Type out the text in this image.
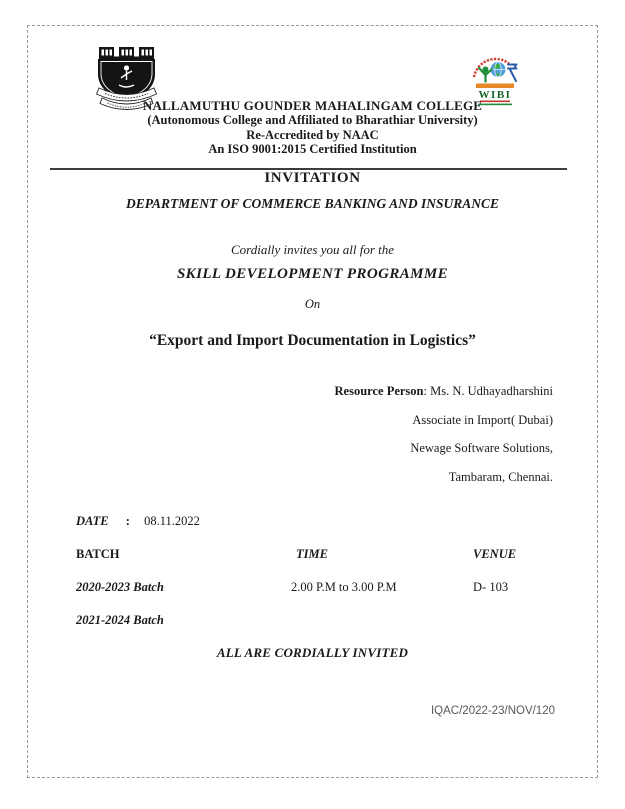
WIBI
NALLAMUTHU GOUNDER MAHALINGAM COLLEGE
(Autonomous College and Affiliated to Bharathiar University)
Re-Accredited by NAAC
An ISO 9001:2015 Certified Institution
INVITATION
DEPARTMENT OF COMMERCE BANKING AND INSURANCE
Cordially invites you all for the
SKILL DEVELOPMENT PROGRAMME
On
“Export and Import Documentation in Logistics”
Resource Person: Ms. N. Udhayadharshini
Associate in Import( Dubai)
Newage Software Solutions,
Tambaram, Chennai.
DATE : 08.11.2022
BATCH	TIME	VENUE
2020-2023 Batch	2.00 P.M to 3.00 P.M	D- 103
2021-2024 Batch
ALL ARE CORDIALLY INVITED
IQAC/2022-23/NOV/120
